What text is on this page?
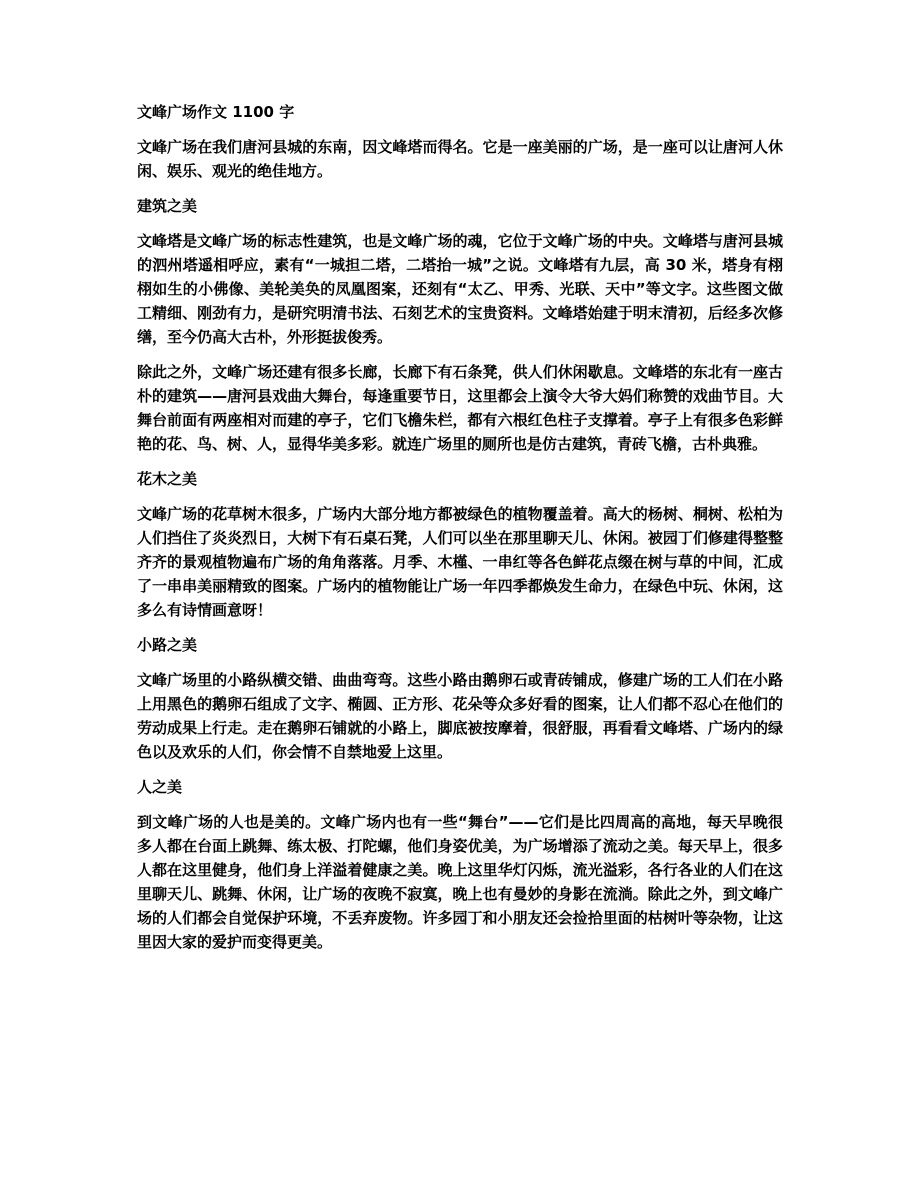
文峰广场作文 1100 字
文峰广场在我们唐河县城的东南，因文峰塔而得名。它是一座美丽的广场，是一座可以让唐河人休闲、娱乐、观光的绝佳地方。
建筑之美
文峰塔是文峰广场的标志性建筑，也是文峰广场的魂，它位于文峰广场的中央。文峰塔与唐河县城的泗州塔遥相呼应，素有“一城担二塔，二塔抬一城”之说。文峰塔有九层，高 30 米，塔身有栩栩如生的小佛像、美轮美奂的凤凰图案，还刻有“太乙、甲秀、光联、天中”等文字。这些图文做工精细、刚劲有力，是研究明清书法、石刻艺术的宝贵资料。文峰塔始建于明末清初，后经多次修缮，至今仍高大古朴，外形挺拔俊秀。
除此之外，文峰广场还建有很多长廊，长廊下有石条凳，供人们休闲歇息。文峰塔的东北有一座古朴的建筑——唐河县戏曲大舞台，每逢重要节日，这里都会上演令大爷大妈们称赞的戏曲节目。大舞台前面有两座相对而建的亭子，它们飞檐朱栏，都有六根红色柱子支撑着。亭子上有很多色彩鲜艳的花、鸟、树、人，显得华美多彩。就连广场里的厕所也是仿古建筑，青砖飞檐，古朴典雅。
花木之美
文峰广场的花草树木很多，广场内大部分地方都被绿色的植物覆盖着。高大的杨树、桐树、松柏为人们挡住了炎炎烈日，大树下有石桌石凳，人们可以坐在那里聊天儿、休闲。被园丁们修建得整整齐齐的景观植物遍布广场的角角落落。月季、木槿、一串红等各色鲜花点缀在树与草的中间，汇成了一串串美丽精致的图案。广场内的植物能让广场一年四季都焕发生命力，在绿色中玩、休闲，这多么有诗情画意呀！
小路之美
文峰广场里的小路纵横交错、曲曲弯弯。这些小路由鹅卵石或青砖铺成，修建广场的工人们在小路上用黑色的鹅卵石组成了文字、椭圆、正方形、花朵等众多好看的图案，让人们都不忍心在他们的劳动成果上行走。走在鹅卵石铺就的小路上，脚底被按摩着，很舒服，再看看文峰塔、广场内的绿色以及欢乐的人们，你会情不自禁地爱上这里。
人之美
到文峰广场的人也是美的。文峰广场内也有一些“舞台”——它们是比四周高的高地，每天早晚很多人都在台面上跳舞、练太极、打陀螺，他们身姿优美，为广场增添了流动之美。每天早上，很多人都在这里健身，他们身上洋溢着健康之美。晚上这里华灯闪烁，流光溢彩，各行各业的人们在这里聊天儿、跳舞、休闲，让广场的夜晚不寂寞，晚上也有曼妙的身影在流淌。除此之外，到文峰广场的人们都会自觉保护环境，不丢弃废物。许多园丁和小朋友还会捡拾里面的枯树叶等杂物，让这里因大家的爱护而变得更美。
